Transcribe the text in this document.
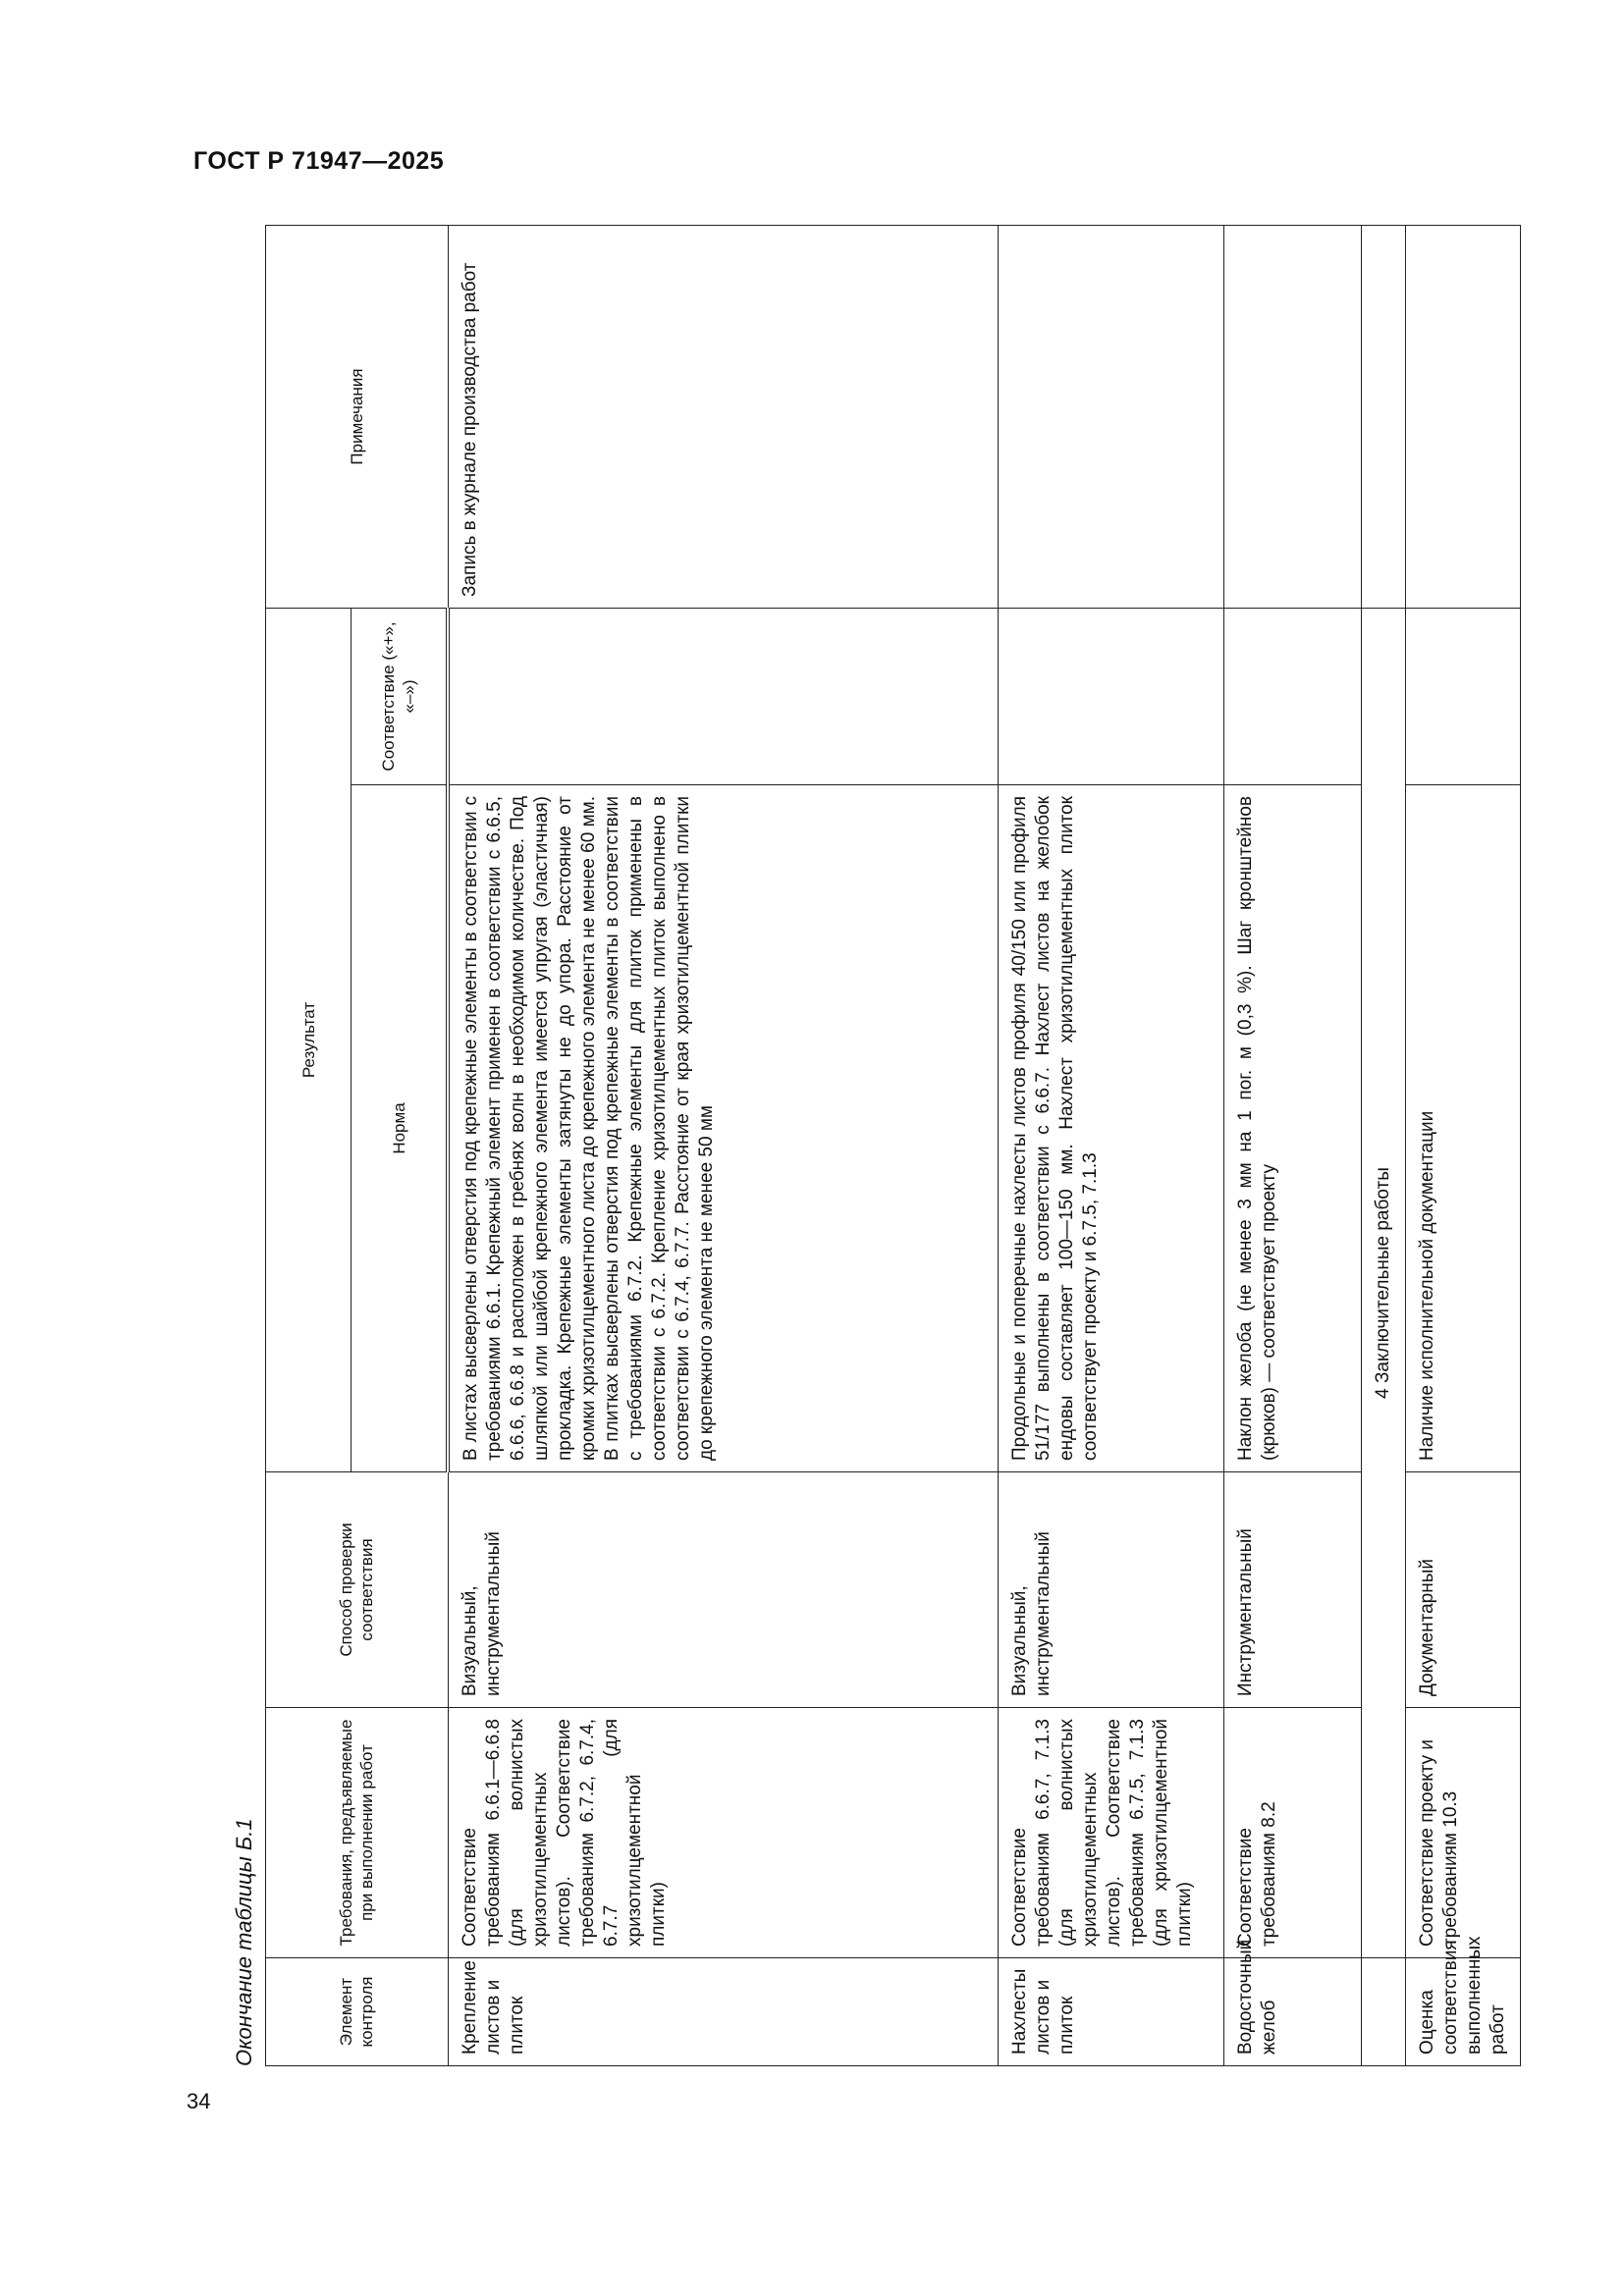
ГОСТ Р 71947—2025
Окончание таблицы Б.1	Элемент контроля	Требования, предъявляемые при выполнении работ	Способ проверки соответствия	Результат		Примечания
			Норма	Соответствие («+», «–»)	
Крепление листов и плиток	Соответствие требованиям 6.6.1—6.6.8 (для волнистых хризотилцементных листов). Соответствие требованиям 6.7.2, 6.7.4, 6.7.7 (для хризотилцементной плитки)	Визуальный, инструментальный	В листах высверлены отверстия под крепежные элементы в соответствии с требованиями 6.6.1. Крепежный элемент применен в соответствии с 6.6.5, 6.6.6, 6.6.8 и расположен в гребнях волн в необходимом количестве. Под шляпкой или шайбой крепежного элемента имеется упругая (эластичная) прокладка. Крепежные элементы затянуты не до упора. Расстояние от кромки хризотилцементного листа до крепежного элемента не менее 60 мм. В плитках высверлены отверстия под крепежные элементы в соответствии с требованиями 6.7.2. Крепежные элементы для плиток применены в соответствии с 6.7.2. Крепление хризотилцементных плиток выполнено в соответствии с 6.7.4, 6.7.7. Расстояние от края хризотилцементной плитки до крепежного элемента не менее 50 мм		Запись в журнале производства работ
Нахлесты листов и плиток	Соответствие требованиям 6.6.7, 7.1.3 (для волнистых хризотилцементных листов). Соответствие требованиям 6.7.5, 7.1.3 (для хризотилцементной плитки)	Визуальный, инструментальный	Продольные и поперечные нахлесты листов профиля 40/150 или профиля 51/177 выполнены в соответствии с 6.6.7. Нахлест листов на желобок ендовы составляет 100—150 мм. Нахлест хризотилцементных плиток соответствует проекту и 6.7.5, 7.1.3		
Водосточный желоб	Соответствие требованиям 8.2	Инструментальный	Наклон желоба (не менее 3 мм на 1 пог. м (0,3 %). Шаг кронштейнов (крюков) — соответствует проекту		
	4 Заключительные работы				
Оценка соответствия выполненных работ	Соответствие проекту и требованиям 10.3	Документарный	Наличие исполнительной документации		
34
